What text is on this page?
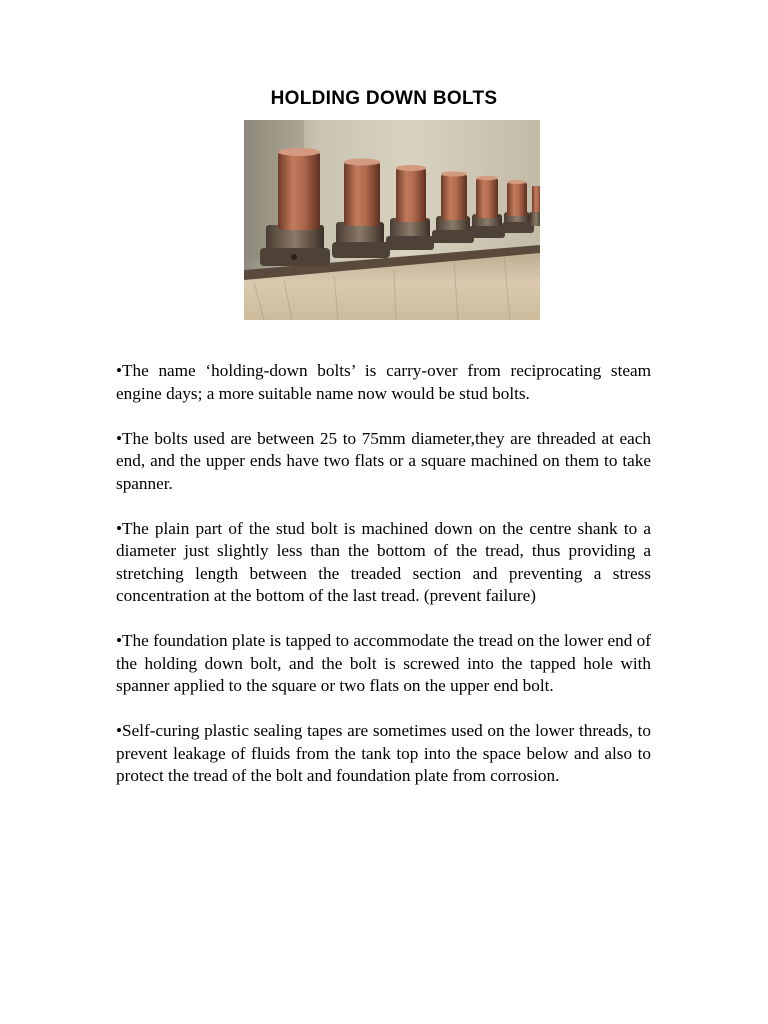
HOLDING DOWN BOLTS

•The name ‘holding-down bolts’ is carry-over from reciprocating steam engine days; a more suitable name now would be stud bolts.

•The bolts used are between 25 to 75mm diameter,they are threaded at each end, and the upper ends have two flats or a square machined on them to take spanner.

•The plain part of the stud bolt is machined down on the centre shank to a diameter just slightly less than the bottom of the tread, thus providing a stretching length between the treaded section and preventing a stress concentration at the bottom of the last tread. (prevent failure)

•The foundation plate is tapped to accommodate the tread on the lower end of the holding down bolt, and the bolt is screwed into the tapped hole with spanner applied to the square or two flats on the upper end bolt.

•Self-curing plastic sealing tapes are sometimes used on the lower threads, to prevent leakage of fluids from the tank top into the space below and also to protect the tread of the bolt and foundation plate from corrosion.
